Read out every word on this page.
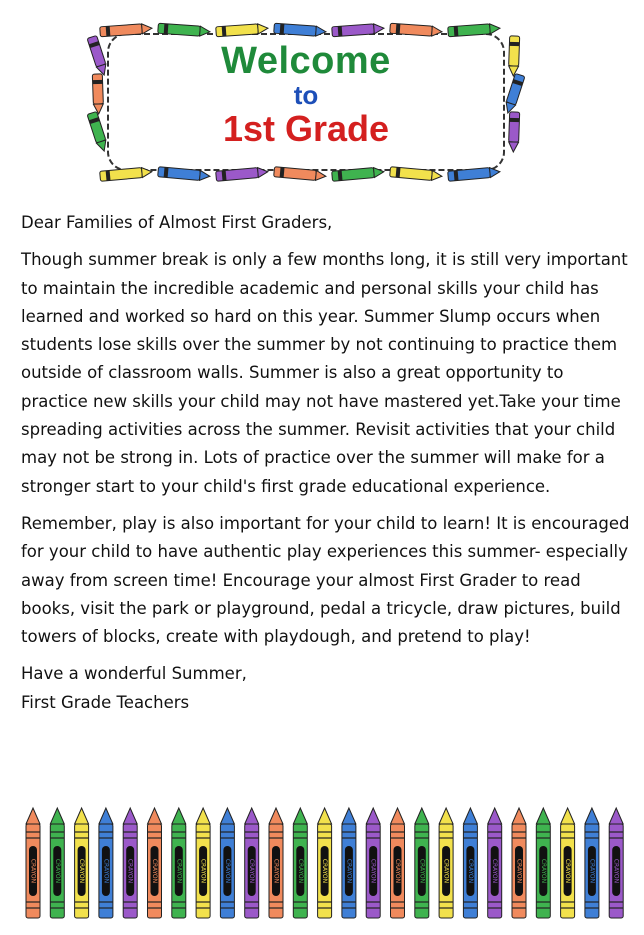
Welcome
to
1st Grade

Dear Families of Almost First Graders,

Though summer break is only a few months long, it is still very important to maintain the incredible academic and personal skills your child has learned and worked so hard on this year. Summer Slump occurs when students lose skills over the summer by not continuing to practice them outside of classroom walls. Summer is also a great opportunity to practice new skills your child may not have mastered yet.Take your time spreading activities across the summer. Revisit activities that your child may not be strong in. Lots of practice over the summer will make for a stronger start to your child's first grade educational experience.

Remember, play is also important for your child to learn! It is encouraged for your child to have authentic play experiences this summer- especially away from screen time! Encourage your almost First Grader to read books, visit the park or playground, pedal a tricycle, draw pictures, build towers of blocks, create with playdough, and pretend to play!

Have a wonderful Summer,

First Grade Teachers

CRAYON	CRAYON	CRAYON	CRAYON	CRAYON	CRAYON	CRAYON	CRAYON	CRAYON	CRAYON	CRAYON	CRAYON	CRAYON	CRAYON	CRAYON	CRAYON	CRAYON	CRAYON	CRAYON	CRAYON	CRAYON	CRAYON	CRAYON	CRAYON	CRAYON
